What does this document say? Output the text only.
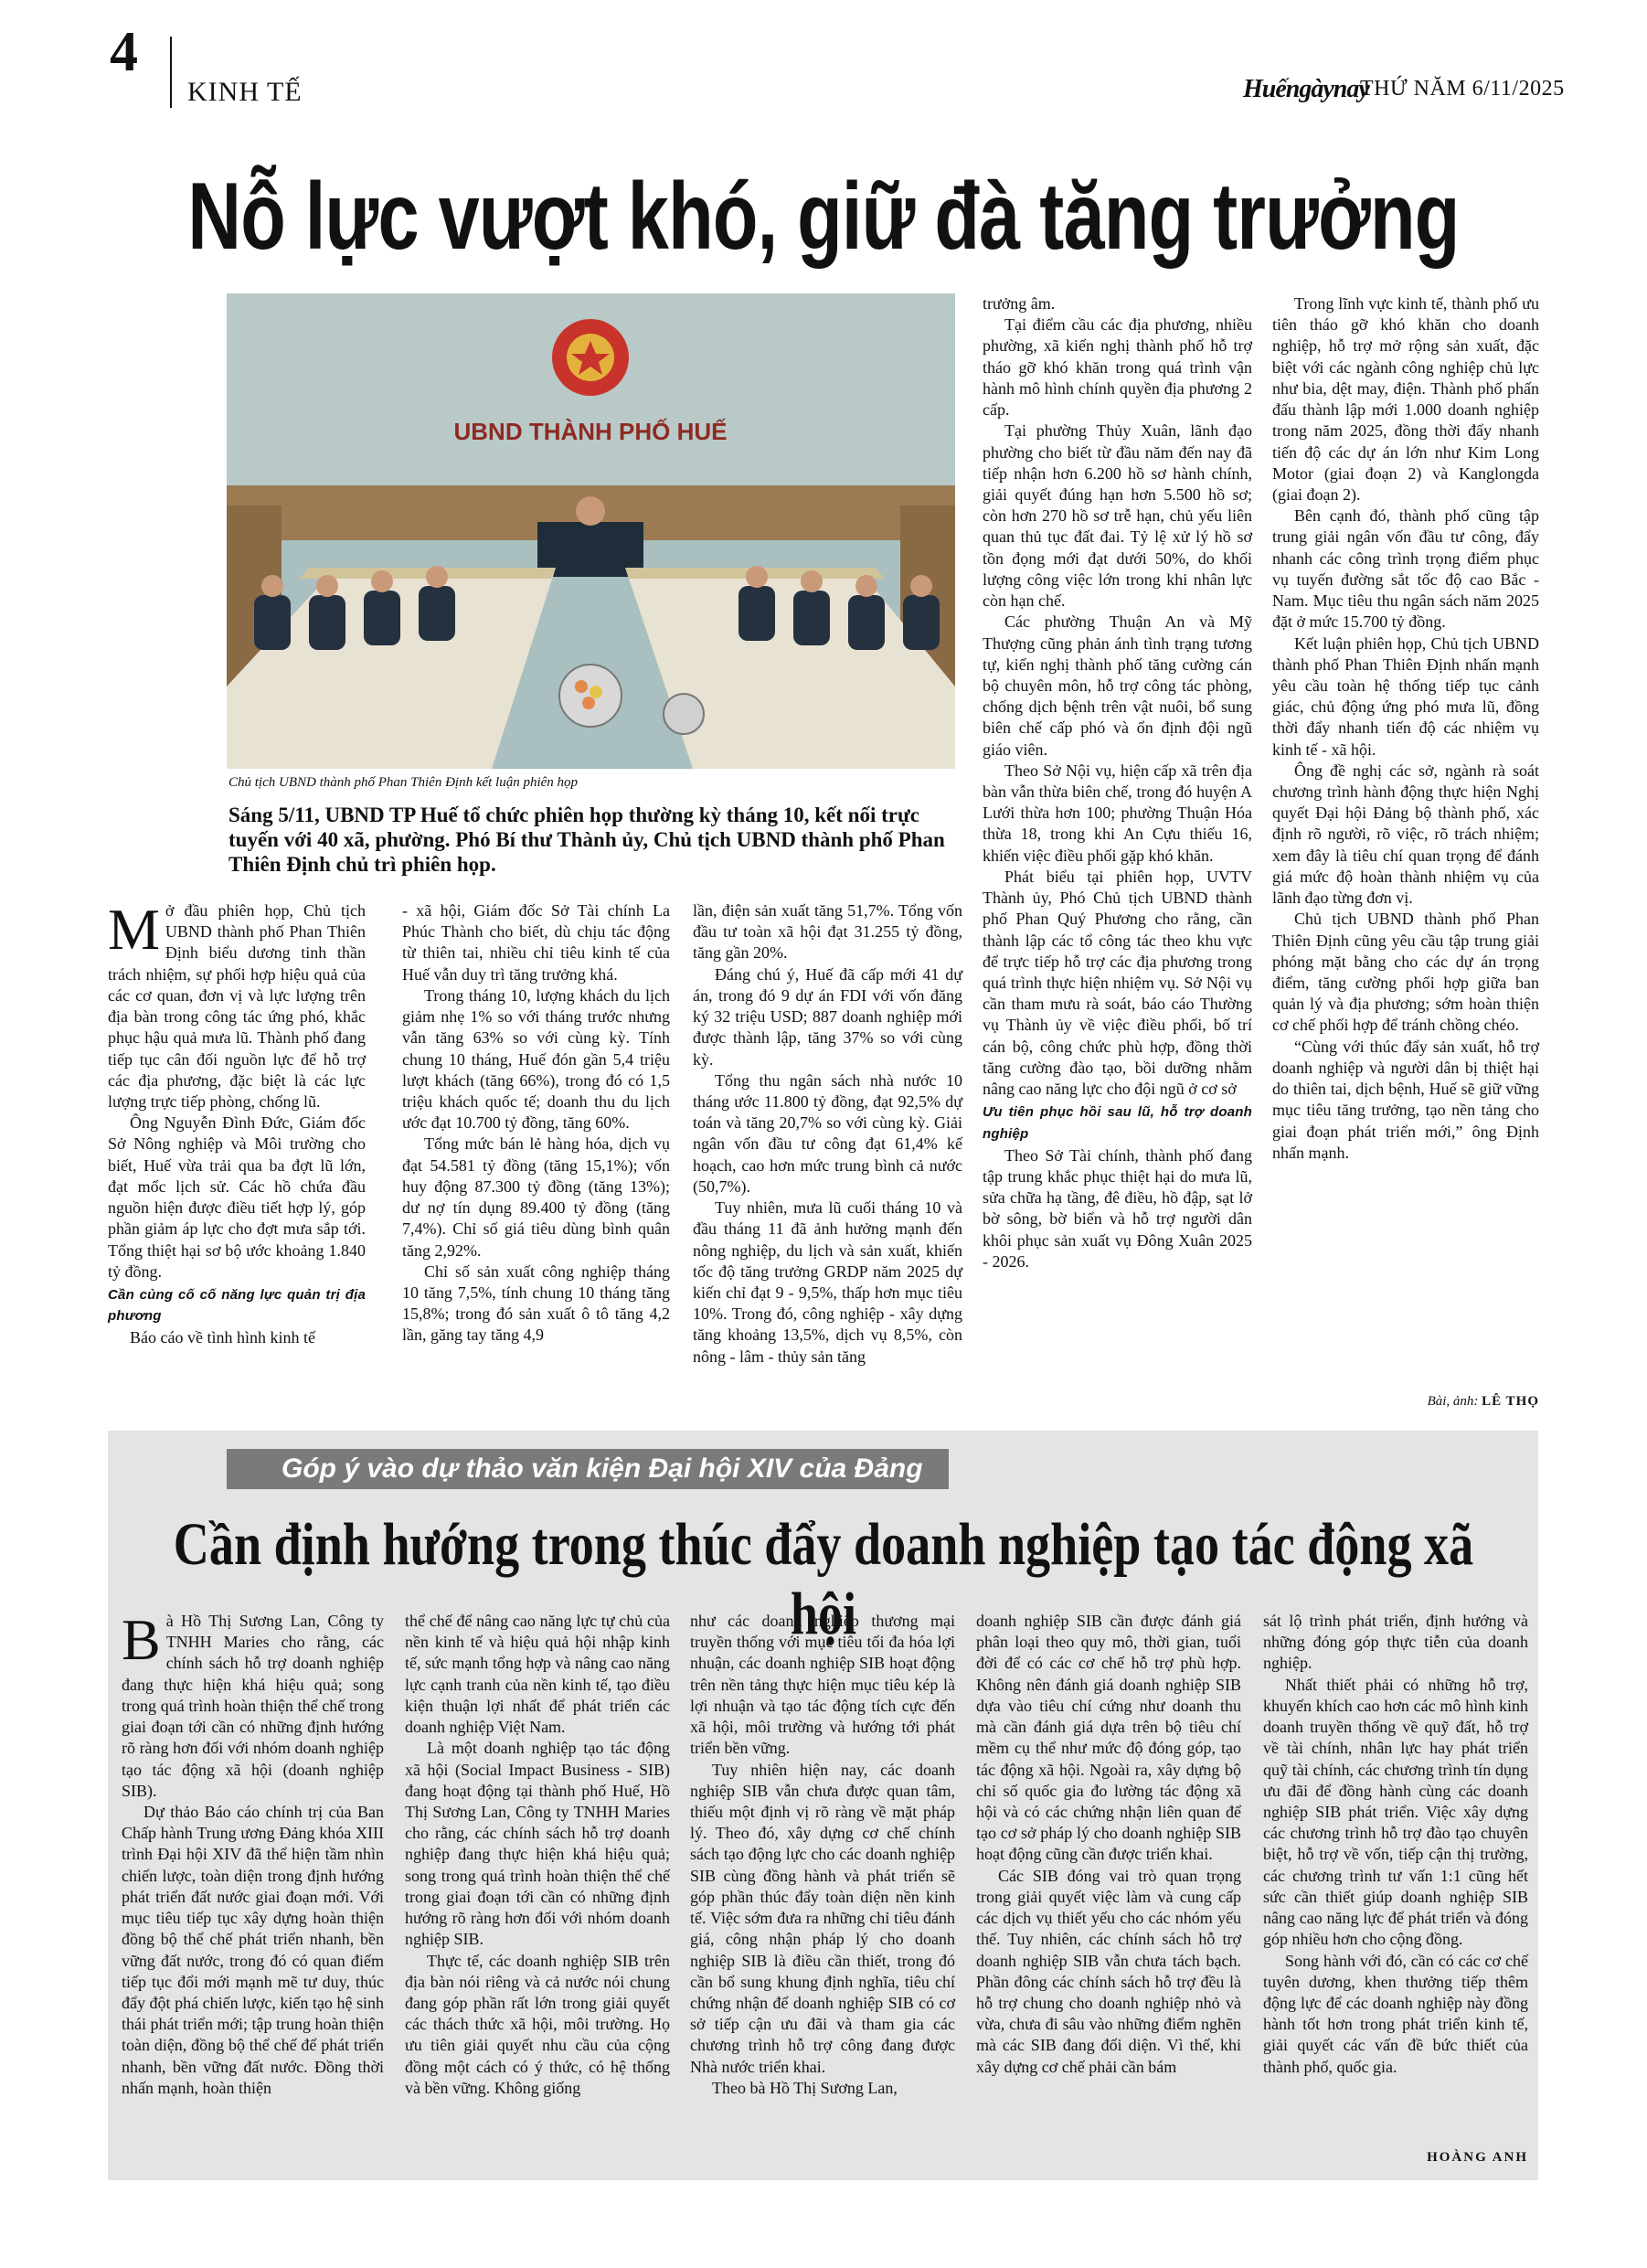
4
KINH TẾ	Huếngàynay
THỨ NĂM 6/11/2025
Nỗ lực vượt khó, giữ đà tăng trưởng
UBND THÀNH PHỐ HUẾ
Chủ tịch UBND thành phố Phan Thiên Định kết luận phiên họp
Sáng 5/11, UBND TP Huế tổ chức phiên họp thường kỳ tháng 10, kết nối trực tuyến với 40 xã, phường. Phó Bí thư Thành ủy, Chủ tịch UBND thành phố Phan Thiên Định chủ trì phiên họp.

Mở đầu phiên họp, Chủ tịch UBND thành phố Phan Thiên Định biểu dương tinh thần trách nhiệm, sự phối hợp hiệu quả của các cơ quan, đơn vị và lực lượng trên địa bàn trong công tác ứng phó, khắc phục hậu quả mưa lũ. Thành phố đang tiếp tục cân đối nguồn lực để hỗ trợ các địa phương, đặc biệt là các lực lượng trực tiếp phòng, chống lũ.

Ông Nguyễn Đình Đức, Giám đốc Sở Nông nghiệp và Môi trường cho biết, Huế vừa trải qua ba đợt lũ lớn, đạt mốc lịch sử. Các hồ chứa đầu nguồn hiện được điều tiết hợp lý, góp phần giảm áp lực cho đợt mưa sắp tới. Tổng thiệt hại sơ bộ ước khoảng 1.840 tỷ đồng.

Cần củng cố cố năng lực quản trị địa phương

Báo cáo về tình hình kinh tế

- xã hội, Giám đốc Sở Tài chính La Phúc Thành cho biết, dù chịu tác động từ thiên tai, nhiều chỉ tiêu kinh tế của Huế vẫn duy trì tăng trưởng khá.

Trong tháng 10, lượng khách du lịch giảm nhẹ 1% so với tháng trước nhưng vẫn tăng 63% so với cùng kỳ. Tính chung 10 tháng, Huế đón gần 5,4 triệu lượt khách (tăng 66%), trong đó có 1,5 triệu khách quốc tế; doanh thu du lịch ước đạt 10.700 tỷ đồng, tăng 60%.

Tổng mức bán lẻ hàng hóa, dịch vụ đạt 54.581 tỷ đồng (tăng 15,1%); vốn huy động 87.300 tỷ đồng (tăng 13%); dư nợ tín dụng 89.400 tỷ đồng (tăng 7,4%). Chỉ số giá tiêu dùng bình quân tăng 2,92%.

Chỉ số sản xuất công nghiệp tháng 10 tăng 7,5%, tính chung 10 tháng tăng 15,8%; trong đó sản xuất ô tô tăng 4,2 lần, găng tay tăng 4,9

lần, điện sản xuất tăng 51,7%. Tổng vốn đầu tư toàn xã hội đạt 31.255 tỷ đồng, tăng gần 20%.

Đáng chú ý, Huế đã cấp mới 41 dự án, trong đó 9 dự án FDI với vốn đăng ký 32 triệu USD; 887 doanh nghiệp mới được thành lập, tăng 37% so với cùng kỳ.

Tổng thu ngân sách nhà nước 10 tháng ước 11.800 tỷ đồng, đạt 92,5% dự toán và tăng 20,7% so với cùng kỳ. Giải ngân vốn đầu tư công đạt 61,4% kế hoạch, cao hơn mức trung bình cả nước (50,7%).

Tuy nhiên, mưa lũ cuối tháng 10 và đầu tháng 11 đã ảnh hưởng mạnh đến nông nghiệp, du lịch và sản xuất, khiến tốc độ tăng trưởng GRDP năm 2025 dự kiến chỉ đạt 9 - 9,5%, thấp hơn mục tiêu 10%. Trong đó, công nghiệp - xây dựng tăng khoảng 13,5%, dịch vụ 8,5%, còn nông - lâm - thủy sản tăng

trưởng âm.

Tại điểm cầu các địa phương, nhiều phường, xã kiến nghị thành phố hỗ trợ tháo gỡ khó khăn trong quá trình vận hành mô hình chính quyền địa phương 2 cấp.

Tại phường Thủy Xuân, lãnh đạo phường cho biết từ đầu năm đến nay đã tiếp nhận hơn 6.200 hồ sơ hành chính, giải quyết đúng hạn hơn 5.500 hồ sơ; còn hơn 270 hồ sơ trễ hạn, chủ yếu liên quan thủ tục đất đai. Tỷ lệ xử lý hồ sơ tồn đọng mới đạt dưới 50%, do khối lượng công việc lớn trong khi nhân lực còn hạn chế.

Các phường Thuận An và Mỹ Thượng cũng phản ánh tình trạng tương tự, kiến nghị thành phố tăng cường cán bộ chuyên môn, hỗ trợ công tác phòng, chống dịch bệnh trên vật nuôi, bổ sung biên chế cấp phó và ổn định đội ngũ giáo viên.

Theo Sở Nội vụ, hiện cấp xã trên địa bàn vẫn thừa biên chế, trong đó huyện A Lưới thừa hơn 100; phường Thuận Hóa thừa 18, trong khi An Cựu thiếu 16, khiến việc điều phối gặp khó khăn.

Phát biểu tại phiên họp, UVTV Thành ủy, Phó Chủ tịch UBND thành phố Phan Quý Phương cho rằng, cần thành lập các tổ công tác theo khu vực để trực tiếp hỗ trợ các địa phương trong quá trình thực hiện nhiệm vụ. Sở Nội vụ cần tham mưu rà soát, báo cáo Thường vụ Thành ủy về việc điều phối, bố trí cán bộ, công chức phù hợp, đồng thời tăng cường đào tạo, bồi dưỡng nhằm nâng cao năng lực cho đội ngũ ở cơ sở

Ưu tiên phục hồi sau lũ, hỗ trợ doanh nghiệp

Theo Sở Tài chính, thành phố đang tập trung khắc phục thiệt hại do mưa lũ, sửa chữa hạ tầng, đê điều, hồ đập, sạt lở bờ sông, bờ biển và hỗ trợ người dân khôi phục sản xuất vụ Đông Xuân 2025 - 2026.

Trong lĩnh vực kinh tế, thành phố ưu tiên tháo gỡ khó khăn cho doanh nghiệp, hỗ trợ mở rộng sản xuất, đặc biệt với các ngành công nghiệp chủ lực như bia, dệt may, điện. Thành phố phấn đấu thành lập mới 1.000 doanh nghiệp trong năm 2025, đồng thời đẩy nhanh tiến độ các dự án lớn như Kim Long Motor (giai đoạn 2) và Kanglongda (giai đoạn 2).

Bên cạnh đó, thành phố cũng tập trung giải ngân vốn đầu tư công, đẩy nhanh các công trình trọng điểm phục vụ tuyến đường sắt tốc độ cao Bắc - Nam. Mục tiêu thu ngân sách năm 2025 đặt ở mức 15.700 tỷ đồng.

Kết luận phiên họp, Chủ tịch UBND thành phố Phan Thiên Định nhấn mạnh yêu cầu toàn hệ thống tiếp tục cảnh giác, chủ động ứng phó mưa lũ, đồng thời đẩy nhanh tiến độ các nhiệm vụ kinh tế - xã hội.

Ông đề nghị các sở, ngành rà soát chương trình hành động thực hiện Nghị quyết Đại hội Đảng bộ thành phố, xác định rõ người, rõ việc, rõ trách nhiệm; xem đây là tiêu chí quan trọng để đánh giá mức độ hoàn thành nhiệm vụ của lãnh đạo từng đơn vị.

Chủ tịch UBND thành phố Phan Thiên Định cũng yêu cầu tập trung giải phóng mặt bằng cho các dự án trọng điểm, tăng cường phối hợp giữa ban quản lý và địa phương; sớm hoàn thiện cơ chế phối hợp để tránh chồng chéo.

“Cùng với thúc đẩy sản xuất, hỗ trợ doanh nghiệp và người dân bị thiệt hại do thiên tai, dịch bệnh, Huế sẽ giữ vững mục tiêu tăng trưởng, tạo nền tảng cho giai đoạn phát triển mới,” ông Định nhấn mạnh.

Bài, ảnh: LÊ THỌ
Góp ý vào dự thảo văn kiện Đại hội XIV của Đảng
Cần định hướng trong thúc đẩy doanh nghiệp tạo tác động xã hội

Bà Hồ Thị Sương Lan, Công ty TNHH Maries cho rằng, các chính sách hỗ trợ doanh nghiệp đang thực hiện khá hiệu quả; song trong quá trình hoàn thiện thể chế trong giai đoạn tới cần có những định hướng rõ ràng hơn đối với nhóm doanh nghiệp tạo tác động xã hội (doanh nghiệp SIB).

Dự thảo Báo cáo chính trị của Ban Chấp hành Trung ương Đảng khóa XIII trình Đại hội XIV đã thể hiện tầm nhìn chiến lược, toàn diện trong định hướng phát triển đất nước giai đoạn mới. Với mục tiêu tiếp tục xây dựng hoàn thiện đồng bộ thể chế phát triển nhanh, bền vững đất nước, trong đó có quan điểm tiếp tục đổi mới mạnh mẽ tư duy, thúc đẩy đột phá chiến lược, kiến tạo hệ sinh thái phát triển mới; tập trung hoàn thiện toàn diện, đồng bộ thể chế để phát triển nhanh, bền vững đất nước. Đồng thời nhấn mạnh, hoàn thiện

thể chế để nâng cao năng lực tự chủ của nền kinh tế và hiệu quả hội nhập kinh tế, sức mạnh tổng hợp và nâng cao năng lực cạnh tranh của nền kinh tế, tạo điều kiện thuận lợi nhất để phát triển các doanh nghiệp Việt Nam.

Là một doanh nghiệp tạo tác động xã hội (Social Impact Business - SIB) đang hoạt động tại thành phố Huế, Hồ Thị Sương Lan, Công ty TNHH Maries cho rằng, các chính sách hỗ trợ doanh nghiệp đang thực hiện khá hiệu quả; song trong quá trình hoàn thiện thể chế trong giai đoạn tới cần có những định hướng rõ ràng hơn đối với nhóm doanh nghiệp SIB.

Thực tế, các doanh nghiệp SIB trên địa bàn nói riêng và cả nước nói chung đang góp phần rất lớn trong giải quyết các thách thức xã hội, môi trường. Họ ưu tiên giải quyết nhu cầu của cộng đồng một cách có ý thức, có hệ thống và bền vững. Không giống

như các doanh nghiệp thương mại truyền thống với mục tiêu tối đa hóa lợi nhuận, các doanh nghiệp SIB hoạt động trên nền tảng thực hiện mục tiêu kép là lợi nhuận và tạo tác động tích cực đến xã hội, môi trường và hướng tới phát triển bền vững.

Tuy nhiên hiện nay, các doanh nghiệp SIB vẫn chưa được quan tâm, thiếu một định vị rõ ràng về mặt pháp lý. Theo đó, xây dựng cơ chế chính sách tạo động lực cho các doanh nghiệp SIB cùng đồng hành và phát triển sẽ góp phần thúc đẩy toàn diện nền kinh tế. Việc sớm đưa ra những chỉ tiêu đánh giá, công nhận pháp lý cho doanh nghiệp SIB là điều cần thiết, trong đó cần bổ sung khung định nghĩa, tiêu chí chứng nhận để doanh nghiệp SIB có cơ sở tiếp cận ưu đãi và tham gia các chương trình hỗ trợ công đang được Nhà nước triển khai.

Theo bà Hồ Thị Sương Lan,

doanh nghiệp SIB cần được đánh giá phân loại theo quy mô, thời gian, tuổi đời để có các cơ chế hỗ trợ phù hợp. Không nên đánh giá doanh nghiệp SIB dựa vào tiêu chí cứng như doanh thu mà cần đánh giá dựa trên bộ tiêu chí mềm cụ thể như mức độ đóng góp, tạo tác động xã hội. Ngoài ra, xây dựng bộ chỉ số quốc gia đo lường tác động xã hội và có các chứng nhận liên quan để tạo cơ sở pháp lý cho doanh nghiệp SIB hoạt động cũng cần được triển khai.

Các SIB đóng vai trò quan trọng trong giải quyết việc làm và cung cấp các dịch vụ thiết yếu cho các nhóm yếu thế. Tuy nhiên, các chính sách hỗ trợ doanh nghiệp SIB vẫn chưa tách bạch. Phần đông các chính sách hỗ trợ đều là hỗ trợ chung cho doanh nghiệp nhỏ và vừa, chưa đi sâu vào những điểm nghẽn mà các SIB đang đối diện. Vì thế, khi xây dựng cơ chế phải cần bám

sát lộ trình phát triển, định hướng và những đóng góp thực tiễn của doanh nghiệp.

Nhất thiết phải có những hỗ trợ, khuyến khích cao hơn các mô hình kinh doanh truyền thống về quỹ đất, hỗ trợ về tài chính, nhân lực hay phát triển quỹ tài chính, các chương trình tín dụng ưu đãi để đồng hành cùng các doanh nghiệp SIB phát triển. Việc xây dựng các chương trình hỗ trợ đào tạo chuyên biệt, hỗ trợ về vốn, tiếp cận thị trường, các chương trình tư vấn 1:1 cũng hết sức cần thiết giúp doanh nghiệp SIB nâng cao năng lực để phát triển và đóng góp nhiều hơn cho cộng đồng.

Song hành với đó, cần có các cơ chế tuyên dương, khen thưởng tiếp thêm động lực để các doanh nghiệp này đồng hành tốt hơn trong phát triển kinh tế, giải quyết các vấn đề bức thiết của thành phố, quốc gia.

HOÀNG ANH
